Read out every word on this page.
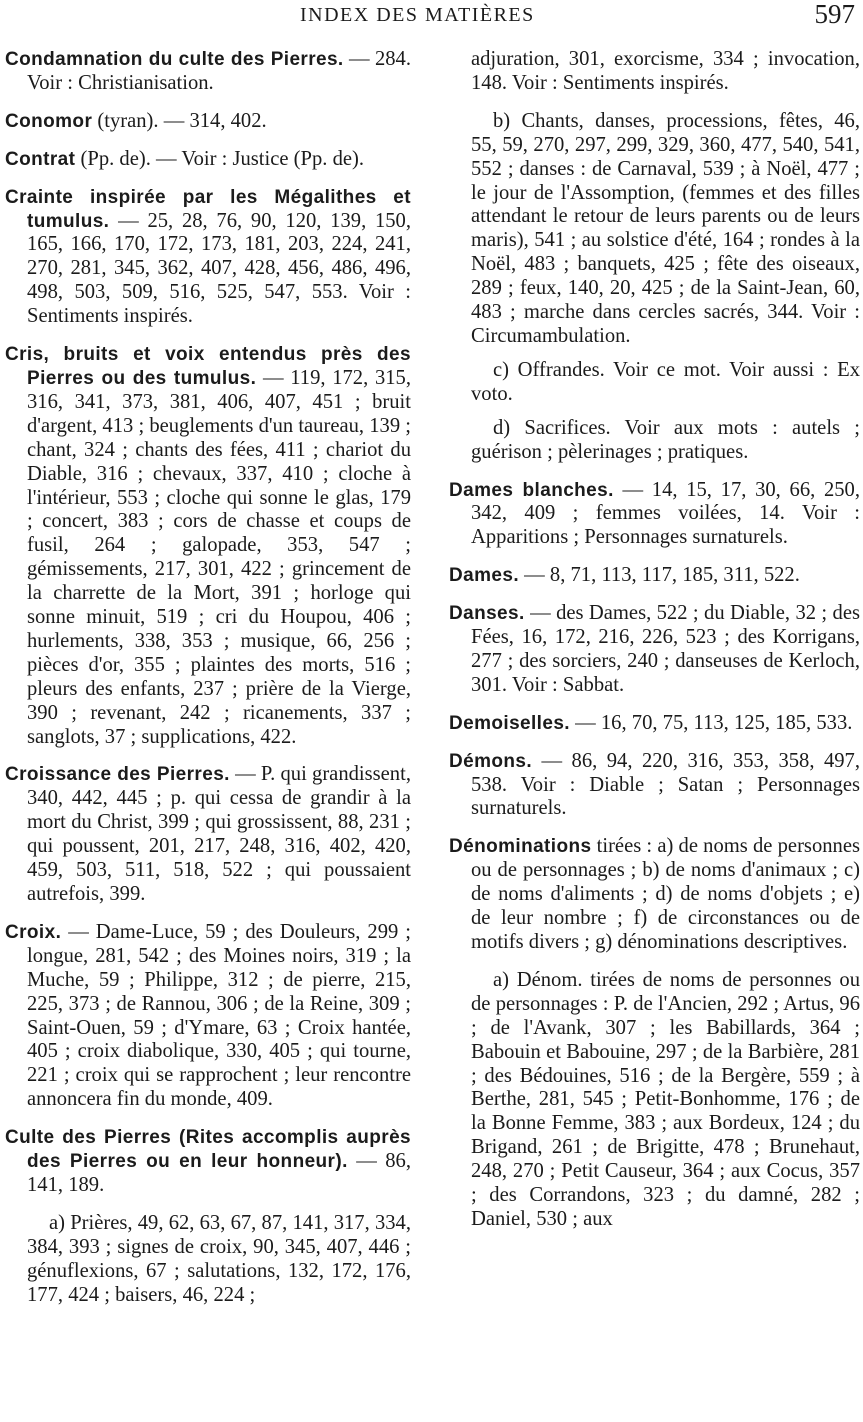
INDEX DES MATIÈRES	597

Condamnation du culte des Pierres. — 284. Voir : Christianisation.

Conomor (tyran). — 314, 402.

Contrat (Pp. de). — Voir : Justice (Pp. de).

Crainte inspirée par les Mégalithes et tumulus. — 25, 28, 76, 90, 120, 139, 150, 165, 166, 170, 172, 173, 181, 203, 224, 241, 270, 281, 345, 362, 407, 428, 456, 486, 496, 498, 503, 509, 516, 525, 547, 553. Voir : Sentiments inspirés.

Cris, bruits et voix entendus près des Pierres ou des tumulus. — 119, 172, 315, 316, 341, 373, 381, 406, 407, 451 ; bruit d'argent, 413 ; beuglements d'un taureau, 139 ; chant, 324 ; chants des fées, 411 ; chariot du Diable, 316 ; chevaux, 337, 410 ; cloche à l'intérieur, 553 ; cloche qui sonne le glas, 179 ; concert, 383 ; cors de chasse et coups de fusil, 264 ; galopade, 353, 547 ; gémissements, 217, 301, 422 ; grincement de la charrette de la Mort, 391 ; horloge qui sonne minuit, 519 ; cri du Houpou, 406 ; hurlements, 338, 353 ; musique, 66, 256 ; pièces d'or, 355 ; plaintes des morts, 516 ; pleurs des enfants, 237 ; prière de la Vierge, 390 ; revenant, 242 ; ricanements, 337 ; sanglots, 37 ; supplications, 422.

Croissance des Pierres. — P. qui grandissent, 340, 442, 445 ; p. qui cessa de grandir à la mort du Christ, 399 ; qui grossissent, 88, 231 ; qui poussent, 201, 217, 248, 316, 402, 420, 459, 503, 511, 518, 522 ; qui poussaient autrefois, 399.

Croix. — Dame-Luce, 59 ; des Douleurs, 299 ; longue, 281, 542 ; des Moines noirs, 319 ; la Muche, 59 ; Philippe, 312 ; de pierre, 215, 225, 373 ; de Rannou, 306 ; de la Reine, 309 ; Saint-Ouen, 59 ; d'Ymare, 63 ; Croix hantée, 405 ; croix diabolique, 330, 405 ; qui tourne, 221 ; croix qui se rapprochent ; leur rencontre annoncera fin du monde, 409.

Culte des Pierres (Rites accomplis auprès des Pierres ou en leur honneur). — 86, 141, 189.

a) Prières, 49, 62, 63, 67, 87, 141, 317, 334, 384, 393 ; signes de croix, 90, 345, 407, 446 ; génuflexions, 67 ; salutations, 132, 172, 176, 177, 424 ; baisers, 46, 224 ;

adjuration, 301, exorcisme, 334 ; invocation, 148. Voir : Sentiments inspirés.

b) Chants, danses, processions, fêtes, 46, 55, 59, 270, 297, 299, 329, 360, 477, 540, 541, 552 ; danses : de Carnaval, 539 ; à Noël, 477 ; le jour de l'Assomption, (femmes et des filles attendant le retour de leurs parents ou de leurs maris), 541 ; au solstice d'été, 164 ; rondes à la Noël, 483 ; banquets, 425 ; fête des oiseaux, 289 ; feux, 140, 20, 425 ; de la Saint-Jean, 60, 483 ; marche dans cercles sacrés, 344. Voir : Circumambulation.

c) Offrandes. Voir ce mot. Voir aussi : Ex voto.

d) Sacrifices. Voir aux mots : autels ; guérison ; pèlerinages ; pratiques.

Dames blanches. — 14, 15, 17, 30, 66, 250, 342, 409 ; femmes voilées, 14. Voir : Apparitions ; Personnages surnaturels.

Dames. — 8, 71, 113, 117, 185, 311, 522.

Danses. — des Dames, 522 ; du Diable, 32 ; des Fées, 16, 172, 216, 226, 523 ; des Korrigans, 277 ; des sorciers, 240 ; danseuses de Kerloch, 301. Voir : Sabbat.

Demoiselles. — 16, 70, 75, 113, 125, 185, 533.

Démons. — 86, 94, 220, 316, 353, 358, 497, 538. Voir : Diable ; Satan ; Personnages surnaturels.

Dénominations tirées : a) de noms de personnes ou de personnages ; b) de noms d'animaux ; c) de noms d'aliments ; d) de noms d'objets ; e) de leur nombre ; f) de circonstances ou de motifs divers ; g) dénominations descriptives.

a) Dénom. tirées de noms de personnes ou de personnages : P. de l'Ancien, 292 ; Artus, 96 ; de l'Avank, 307 ; les Babillards, 364 ; Babouin et Babouine, 297 ; de la Barbière, 281 ; des Bédouines, 516 ; de la Bergère, 559 ; à Berthe, 281, 545 ; Petit-Bonhomme, 176 ; de la Bonne Femme, 383 ; aux Bordeux, 124 ; du Brigand, 261 ; de Brigitte, 478 ; Brunehaut, 248, 270 ; Petit Causeur, 364 ; aux Cocus, 357 ; des Corrandons, 323 ; du damné, 282 ; Daniel, 530 ; aux
